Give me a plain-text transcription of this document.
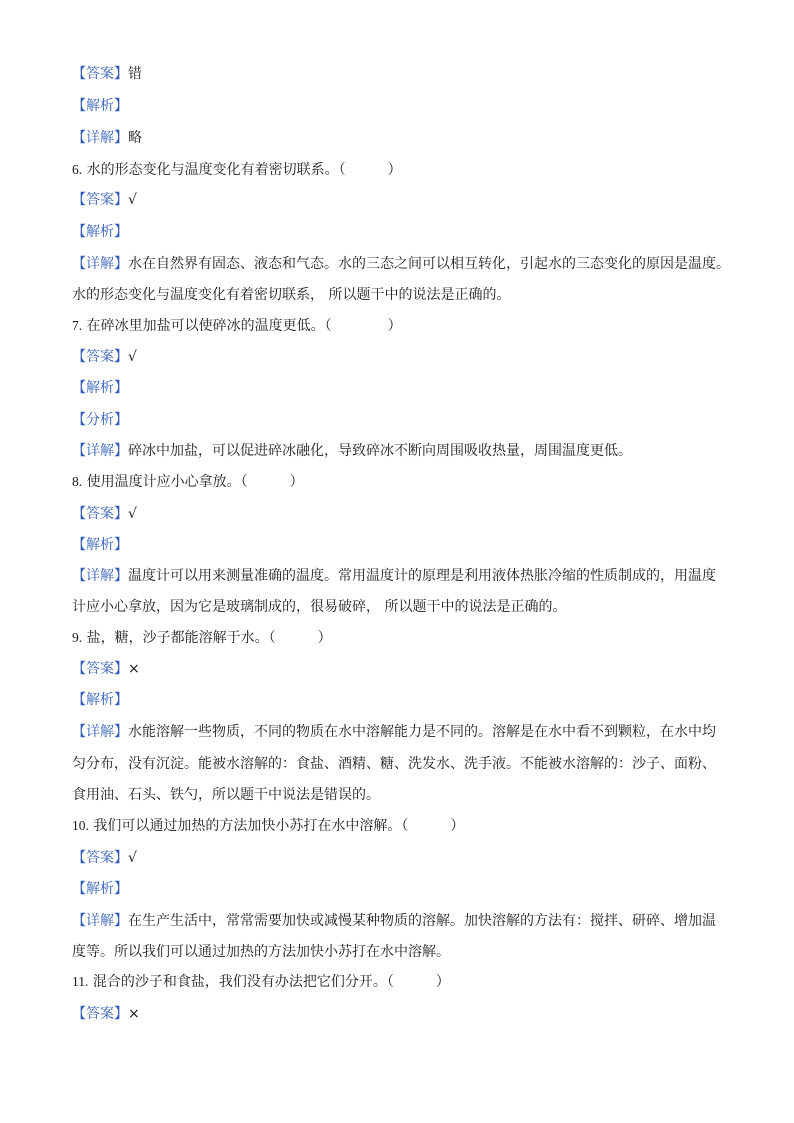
【答案】错
【解析】
【详解】略
6. 水的形态变化与温度变化有着密切联系。（　　　）
【答案】√
【解析】
【详解】水在自然界有固态、液态和气态。水的三态之间可以相互转化，引起水的三态变化的原因是温度。
水的形态变化与温度变化有着密切联系， 所以题干中的说法是正确的。
7. 在碎冰里加盐可以使碎冰的温度更低。（　　　　）
【答案】√
【解析】
【分析】
【详解】碎冰中加盐，可以促进碎冰融化，导致碎冰不断向周围吸收热量，周围温度更低。
8. 使用温度计应小心拿放。（　　　）
【答案】√
【解析】
【详解】温度计可以用来测量准确的温度。常用温度计的原理是利用液体热胀冷缩的性质制成的，用温度
计应小心拿放，因为它是玻璃制成的，很易破碎， 所以题干中的说法是正确的。
9. 盐，糖，沙子都能溶解于水。（　　　）
【答案】×
【解析】
【详解】水能溶解一些物质，不同的物质在水中溶解能力是不同的。溶解是在水中看不到颗粒，在水中均
匀分布，没有沉淀。能被水溶解的：食盐、酒精、糖、洗发水、洗手液。不能被水溶解的：沙子、面粉、
食用油、石头、铁勺，所以题干中说法是错误的。
10. 我们可以通过加热的方法加快小苏打在水中溶解。（　　　）
【答案】√
【解析】
【详解】在生产生活中，常常需要加快或减慢某种物质的溶解。加快溶解的方法有：搅拌、研碎、增加温
度等。所以我们可以通过加热的方法加快小苏打在水中溶解。
11. 混合的沙子和食盐，我们没有办法把它们分开。（　　　）
【答案】×
